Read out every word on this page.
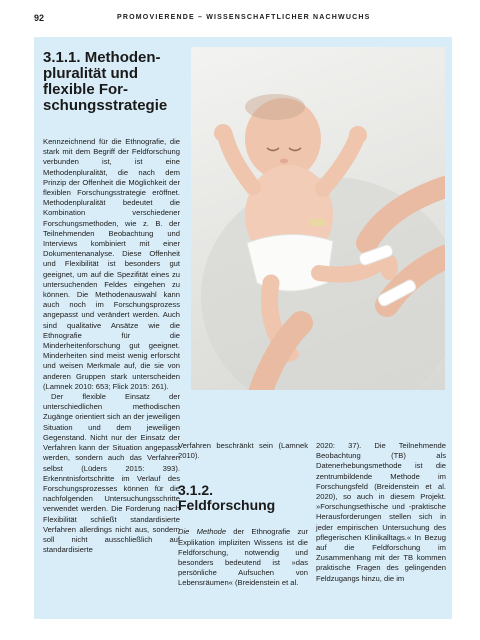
92	PROMOVIERENDE – WISSENSCHAFTLICHER NACHWUCHS
3.1.1. Methoden-pluralität und flexible For-schungsstrategie

Kennzeichnend für die Ethnografie, die stark mit dem Begriff der Feldforschung verbunden ist, ist eine Methodenpluralität, die nach dem Prinzip der Offenheit die Möglichkeit der flexiblen Forschungsstrategie eröffnet. Methodenpluralität bedeutet die Kombination verschiedener Forschungsmethoden, wie z. B. der Teilnehmenden Beobachtung und Interviews kombiniert mit einer Dokumentenanalyse. Diese Offenheit und Flexibilität ist besonders gut geeignet, um auf die Spezifität eines zu untersuchenden Feldes eingehen zu können. Die Methodenauswahl kann auch noch im Forschungsprozess angepasst und verändert werden. Auch sind qualitative Ansätze wie die Ethnografie für die Minderheitenforschung gut geeignet. Minderheiten sind meist wenig erforscht und weisen Merkmale auf, die sie von anderen Gruppen stark unterscheiden (Lamnek 2010: 653; Flick 2015: 261).

Der flexible Einsatz der unterschiedlichen methodischen Zugänge orientiert sich an der jeweiligen Situation und dem jeweiligen Gegenstand. Nicht nur der Einsatz der Verfahren kann der Situation angepasst werden, sondern auch das Verfahren selbst (Lüders 2015: 393). Erkenntnisfortschritte im Verlauf des Forschungsprozesses können für die nachfolgenden Untersuchungsschritte verwendet werden. Die Forderung nach Flexibilität schließt standardisierte Verfahren allerdings nicht aus, sondern soll nicht ausschließlich auf standardisierte

Verfahren beschränkt sein (Lamnek 2010).

3.1.2. Feldforschung

Die Methode der Ethnografie zur Explikation impliziten Wissens ist die Feldforschung, notwendig und besonders bedeutend ist »das persönliche Aufsuchen von Lebensräumen« (Breidenstein et al.

2020: 37). Die Teilnehmende Beobachtung (TB) als Datenerhebungsmethode ist die zentrumbildende Methode im Forschungsfeld (Breidenstein et al. 2020), so auch in diesem Projekt. »Forschungsethische und -praktische Herausforderungen stellen sich in jeder empirischen Untersuchung des pflegerischen Klinikalltags.« In Bezug auf die Feldforschung im Zusammenhang mit der TB kommen praktische Fragen des gelingenden Feldzugangs hinzu, die im
